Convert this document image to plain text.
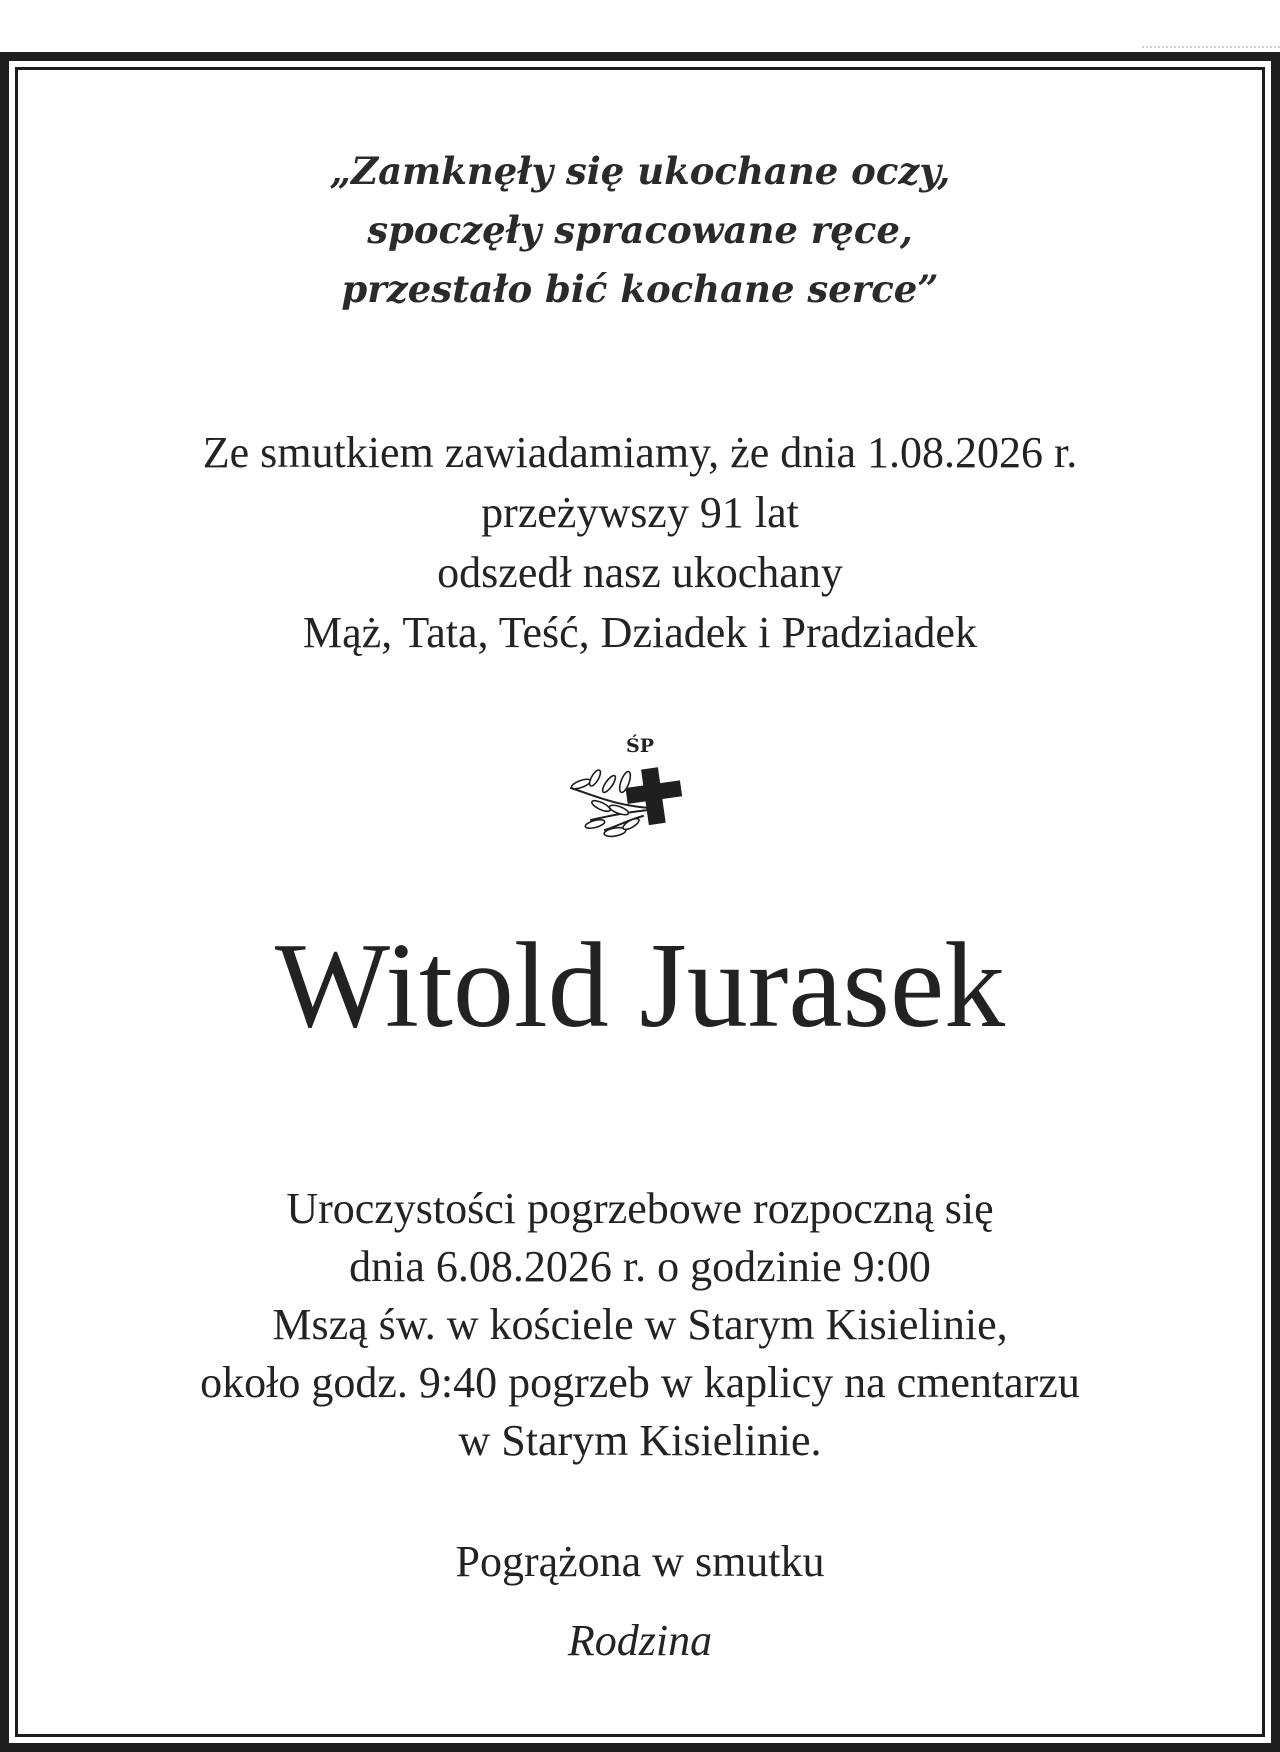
„Zamknęły się ukochane oczy,
spoczęły spracowane ręce,
przestało bić kochane serce”
Ze smutkiem zawiadamiamy, że dnia 1.08.2026 r.
przeżywszy 91 lat
odszedł nasz ukochany
Mąż, Tata, Teść, Dziadek i Pradziadek
ŚP
Witold Jurasek
Uroczystości pogrzebowe rozpoczną się
dnia 6.08.2026 r. o godzinie 9:00
Mszą św. w kościele w Starym Kisielinie,
około godz. 9:40 pogrzeb w kaplicy na cmentarzu
w Starym Kisielinie.
Pogrążona w smutku
Rodzina
